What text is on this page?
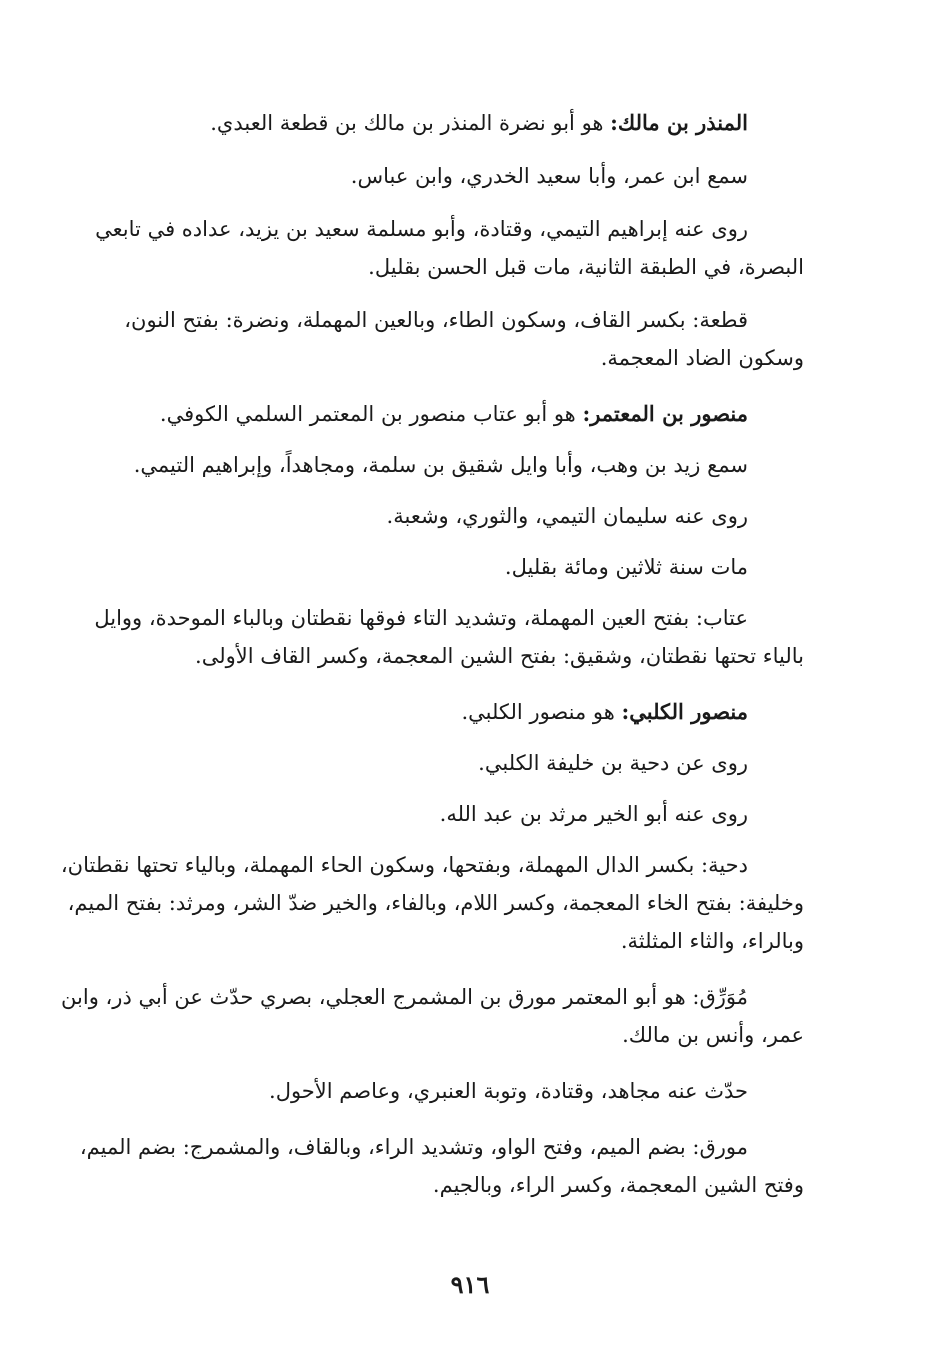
المنذر بن مالك: هو أبو نضرة المنذر بن مالك بن قطعة العبدي.

سمع ابن عمر، وأبا سعيد الخدري، وابن عباس.

روى عنه إبراهيم التيمي، وقتادة، وأبو مسلمة سعيد بن يزيد، عداده في تابعي البصرة، في الطبقة الثانية، مات قبل الحسن بقليل.

قطعة: بكسر القاف، وسكون الطاء، وبالعين المهملة، ونضرة: بفتح النون، وسكون الضاد المعجمة.

منصور بن المعتمر: هو أبو عتاب منصور بن المعتمر السلمي الكوفي.

سمع زيد بن وهب، وأبا وايل شقيق بن سلمة، ومجاهداً، وإبراهيم التيمي.

روى عنه سليمان التيمي، والثوري، وشعبة.

مات سنة ثلاثين ومائة بقليل.

عتاب: بفتح العين المهملة، وتشديد التاء فوقها نقطتان وبالباء الموحدة، ووايل بالياء تحتها نقطتان، وشقيق: بفتح الشين المعجمة، وكسر القاف الأولى.

منصور الكلبي: هو منصور الكلبي.

روى عن دحية بن خليفة الكلبي.

روى عنه أبو الخير مرثد بن عبد الله.

دحية: بكسر الدال المهملة، وبفتحها، وسكون الحاء المهملة، وبالياء تحتها نقطتان، وخليفة: بفتح الخاء المعجمة، وكسر اللام، وبالفاء، والخير ضدّ الشر، ومرثد: بفتح الميم، وبالراء، والثاء المثلثة.

مُوَرِّق: هو أبو المعتمر مورق بن المشمرج العجلي، بصري حدّث عن أبي ذر، وابن عمر، وأنس بن مالك.

حدّث عنه مجاهد، وقتادة، وتوبة العنبري، وعاصم الأحول.

مورق: بضم الميم، وفتح الواو، وتشديد الراء، وبالقاف، والمشمرج: بضم الميم، وفتح الشين المعجمة، وكسر الراء، وبالجيم.

٩١٦
